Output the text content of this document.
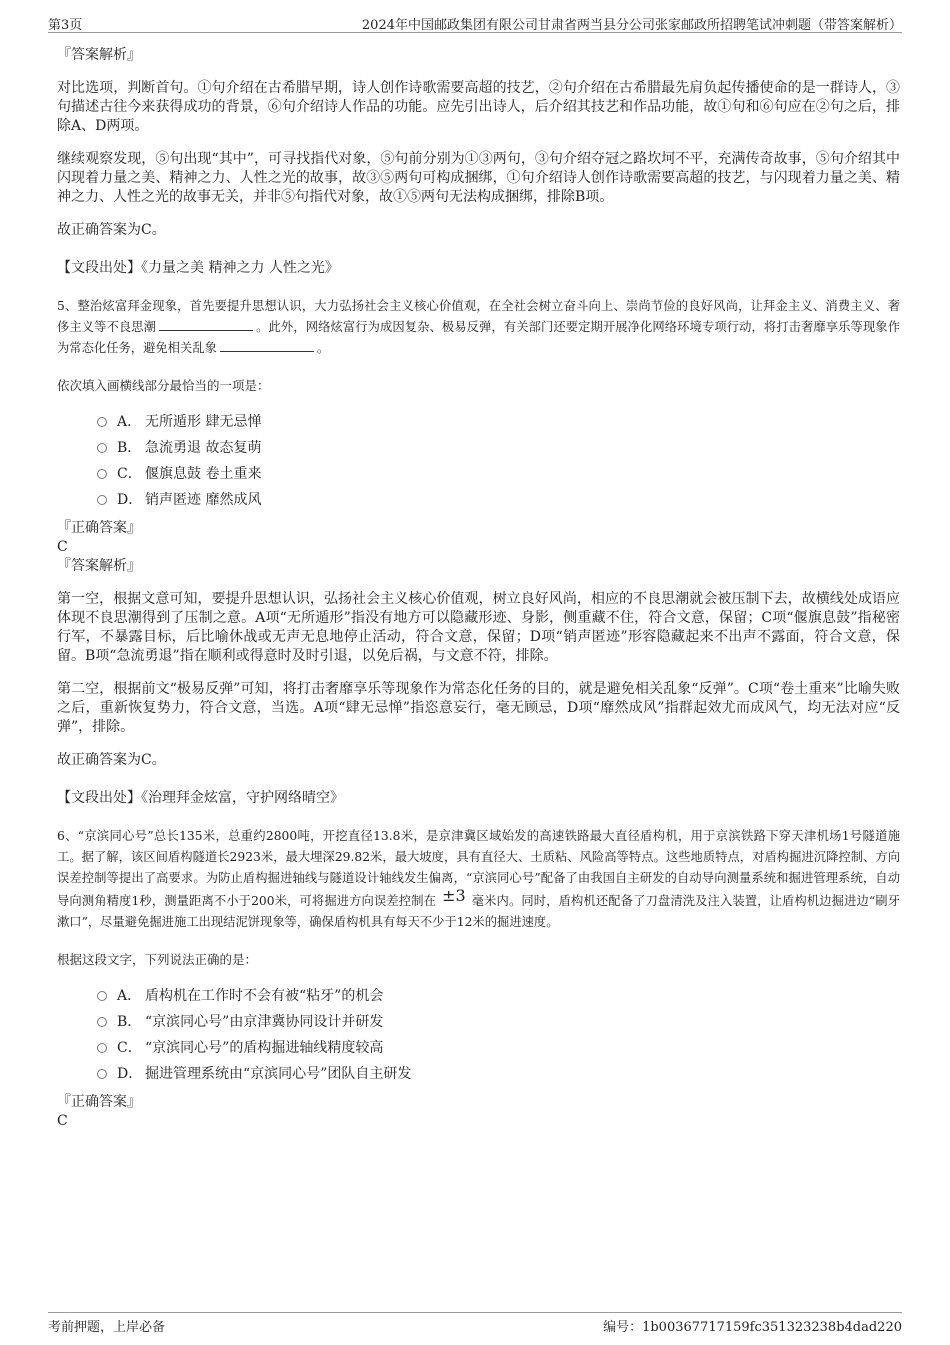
第3页	2024年中国邮政集团有限公司甘肃省两当县分公司张家邮政所招聘笔试冲刺题（带答案解析）
『答案解析』

对比选项，判断首句。①句介绍在古希腊早期，诗人创作诗歌需要高超的技艺，②句介绍在古希腊最先肩负起传播使命的是一群诗人，③句描述古往今来获得成功的背景，⑥句介绍诗人作品的功能。应先引出诗人，后介绍其技艺和作品功能，故①句和⑥句应在②句之后，排除A、D两项。

继续观察发现，⑤句出现“其中”，可寻找指代对象，⑤句前分别为①③两句，③句介绍夺冠之路坎坷不平，充满传奇故事，⑤句介绍其中闪现着力量之美、精神之力、人性之光的故事，故③⑤两句可构成捆绑，①句介绍诗人创作诗歌需要高超的技艺，与闪现着力量之美、精神之力、人性之光的故事无关，并非⑤句指代对象，故①⑤两句无法构成捆绑，排除B项。

故正确答案为C。

【文段出处】《力量之美 精神之力 人性之光》
5、整治炫富拜金现象，首先要提升思想认识，大力弘扬社会主义核心价值观，在全社会树立奋斗向上、崇尚节俭的良好风尚，让拜金主义、消费主义、奢侈主义等不良思潮	。此外，网络炫富行为成因复杂、极易反弹，有关部门还要定期开展净化网络环境专项行动，将打击奢靡享乐等现象作为常态化任务，避免相关乱象	。
依次填入画横线部分最恰当的一项是：
A． 无所遁形 肆无忌惮
B． 急流勇退 故态复萌
C． 偃旗息鼓 卷土重来
D． 销声匿迹 靡然成风
『正确答案』
C
『答案解析』

第一空，根据文意可知，要提升思想认识，弘扬社会主义核心价值观，树立良好风尚，相应的不良思潮就会被压制下去，故横线处成语应体现不良思潮得到了压制之意。A项“无所遁形”指没有地方可以隐藏形迹、身影，侧重藏不住，符合文意，保留；C项“偃旗息鼓”指秘密行军，不暴露目标，后比喻休战或无声无息地停止活动，符合文意，保留；D项“销声匿迹”形容隐藏起来不出声不露面，符合文意，保留。B项“急流勇退”指在顺利或得意时及时引退，以免后祸，与文意不符，排除。

第二空，根据前文“极易反弹”可知，将打击奢靡享乐等现象作为常态化任务的目的，就是避免相关乱象“反弹”。C项“卷土重来”比喻失败之后，重新恢复势力，符合文意，当选。A项“肆无忌惮”指恣意妄行，毫无顾忌，D项“靡然成风”指群起效尤而成风气，均无法对应“反弹”，排除。

故正确答案为C。

【文段出处】《治理拜金炫富，守护网络晴空》
6、“京滨同心号”总长135米，总重约2800吨，开挖直径13.8米，是京津冀区域始发的高速铁路最大直径盾构机，用于京滨铁路下穿天津机场1号隧道施工。据了解，该区间盾构隧道长2923米，最大埋深29.82米，最大坡度，具有直径大、土质粘、风险高等特点。这些地质特点，对盾构掘进沉降控制、方向误差控制等提出了高要求。为防止盾构掘进轴线与隧道设计轴线发生偏离，“京滨同心号”配备了由我国自主研发的自动导向测量系统和掘进管理系统，自动导向测角精度1秒，测量距离不小于200米，可将掘进方向误差控制在 ±3 毫米内。同时，盾构机还配备了刀盘清洗及注入装置，让盾构机边掘进边“刷牙漱口”，尽量避免掘进施工出现结泥饼现象等，确保盾构机具有每天不少于12米的掘进速度。
根据这段文字，下列说法正确的是：
A． 盾构机在工作时不会有被“粘牙”的机会
B． “京滨同心号”由京津冀协同设计并研发
C． “京滨同心号”的盾构掘进轴线精度较高
D． 掘进管理系统由“京滨同心号”团队自主研发
『正确答案』
C
考前押题，上岸必备	编号：1b00367717159fc351323238b4dad220
